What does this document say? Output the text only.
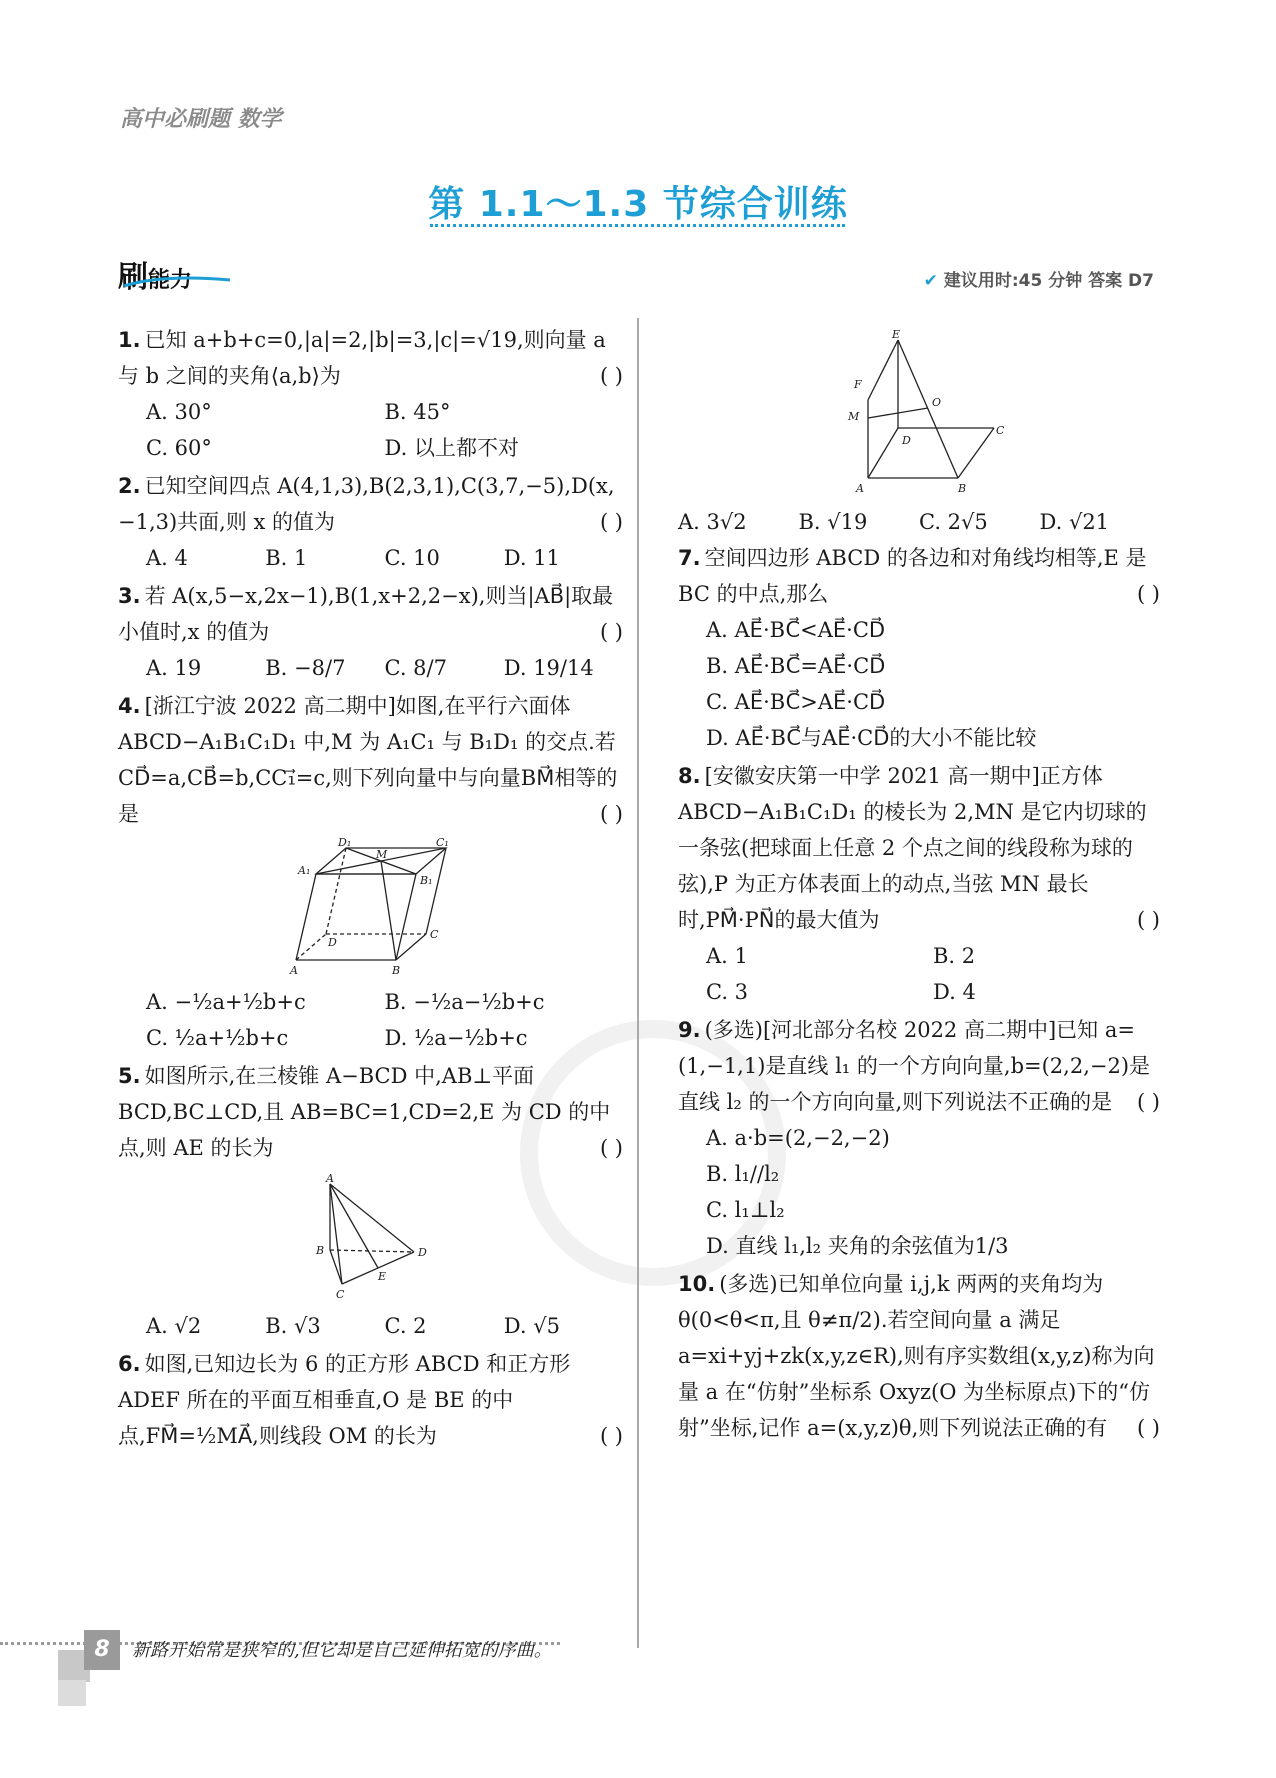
高中必刷题 数学
第 1.1～1.3 节综合训练
刷能力	✔ 建议用时:45 分钟 答案 D7
1. 已知 a+b+c=0,|a|=2,|b|=3,|c|=√19,则向量 a 与 b 之间的夹角⟨a,b⟩为	( )
A. 30°	B. 45°
C. 60°	D. 以上都不对
2. 已知空间四点 A(4,1,3),B(2,3,1),C(3,7,−5),D(x,−1,3)共面,则 x 的值为	( )
A. 4	B. 1	C. 10	D. 11
3. 若 A(x,5−x,2x−1),B(1,x+2,2−x),则当|AB⃗|取最小值时,x 的值为	( )
A. 19	B. −8/7	C. 8/7	D. 19/14
4. [浙江宁波 2022 高二期中]如图,在平行六面体 ABCD−A₁B₁C₁D₁ 中,M 为 A₁C₁ 与 B₁D₁ 的交点.若CD⃗=a,CB⃗=b,CC₁⃗=c,则下列向量中与向量BM⃗相等的是	( )
D₁	C₁
A₁
M
B₁
D
C
A	B
A. −½a+½b+c	B. −½a−½b+c
C. ½a+½b+c	D. ½a−½b+c
5. 如图所示,在三棱锥 A−BCD 中,AB⊥平面 BCD,BC⊥CD,且 AB=BC=1,CD=2,E 为 CD 的中点,则 AE 的长为	( )
A
B	D
E
C
A. √2	B. √3	C. 2	D. √5
6. 如图,已知边长为 6 的正方形 ABCD 和正方形 ADEF 所在的平面互相垂直,O 是 BE 的中点,FM⃗=½MA⃗,则线段 OM 的长为	( )
E
F
M
O
D
C
A	B
A. 3√2	B. √19	C. 2√5	D. √21
7. 空间四边形 ABCD 的各边和对角线均相等,E 是 BC 的中点,那么	( )
A. AE⃗·BC⃗<AE⃗·CD⃗
B. AE⃗·BC⃗=AE⃗·CD⃗
C. AE⃗·BC⃗>AE⃗·CD⃗
D. AE⃗·BC⃗与AE⃗·CD⃗的大小不能比较
8. [安徽安庆第一中学 2021 高一期中]正方体 ABCD−A₁B₁C₁D₁ 的棱长为 2,MN 是它内切球的一条弦(把球面上任意 2 个点之间的线段称为球的弦),P 为正方体表面上的动点,当弦 MN 最长时,PM⃗·PN⃗的最大值为	( )
A. 1	B. 2
C. 3	D. 4
9. (多选)[河北部分名校 2022 高二期中]已知 a=(1,−1,1)是直线 l₁ 的一个方向向量,b=(2,2,−2)是直线 l₂ 的一个方向向量,则下列说法不正确的是 ( )
A. a·b=(2,−2,−2)
B. l₁//l₂
C. l₁⊥l₂
D. 直线 l₁,l₂ 夹角的余弦值为1/3
10. (多选)已知单位向量 i,j,k 两两的夹角均为 θ(0<θ<π,且 θ≠π/2).若空间向量 a 满足 a=xi+yj+zk(x,y,z∈R),则有序实数组(x,y,z)称为向量 a 在“仿射”坐标系 Oxyz(O 为坐标原点)下的“仿射”坐标,记作 a=(x,y,z)θ,则下列说法正确的有 ( )
8	新路开始常是狭窄的,但它却是自己延伸拓宽的序曲。
